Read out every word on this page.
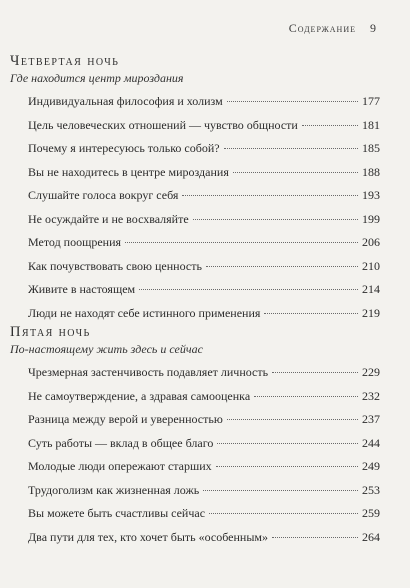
Содержание 9

Четвертая ночь

Где находится центр мироздания

Индивидуальная философия и холизм	177
Цель человеческих отношений — чувство общности	181
Почему я интересуюсь только собой?	185
Вы не находитесь в центре мироздания	188
Слушайте голоса вокруг себя	193
Не осуждайте и не восхваляйте	199
Метод поощрения	206
Как почувствовать свою ценность	210
Живите в настоящем	214
Люди не находят себе истинного применения	219

Пятая ночь

По-настоящему жить здесь и сейчас

Чрезмерная застенчивость подавляет личность	229
Не самоутверждение, а здравая самооценка	232
Разница между верой и уверенностью	237
Суть работы — вклад в общее благо	244
Молодые люди опережают старших	249
Трудоголизм как жизненная ложь	253
Вы можете быть счастливы сейчас	259
Два пути для тех, кто хочет быть «особенным»	264
